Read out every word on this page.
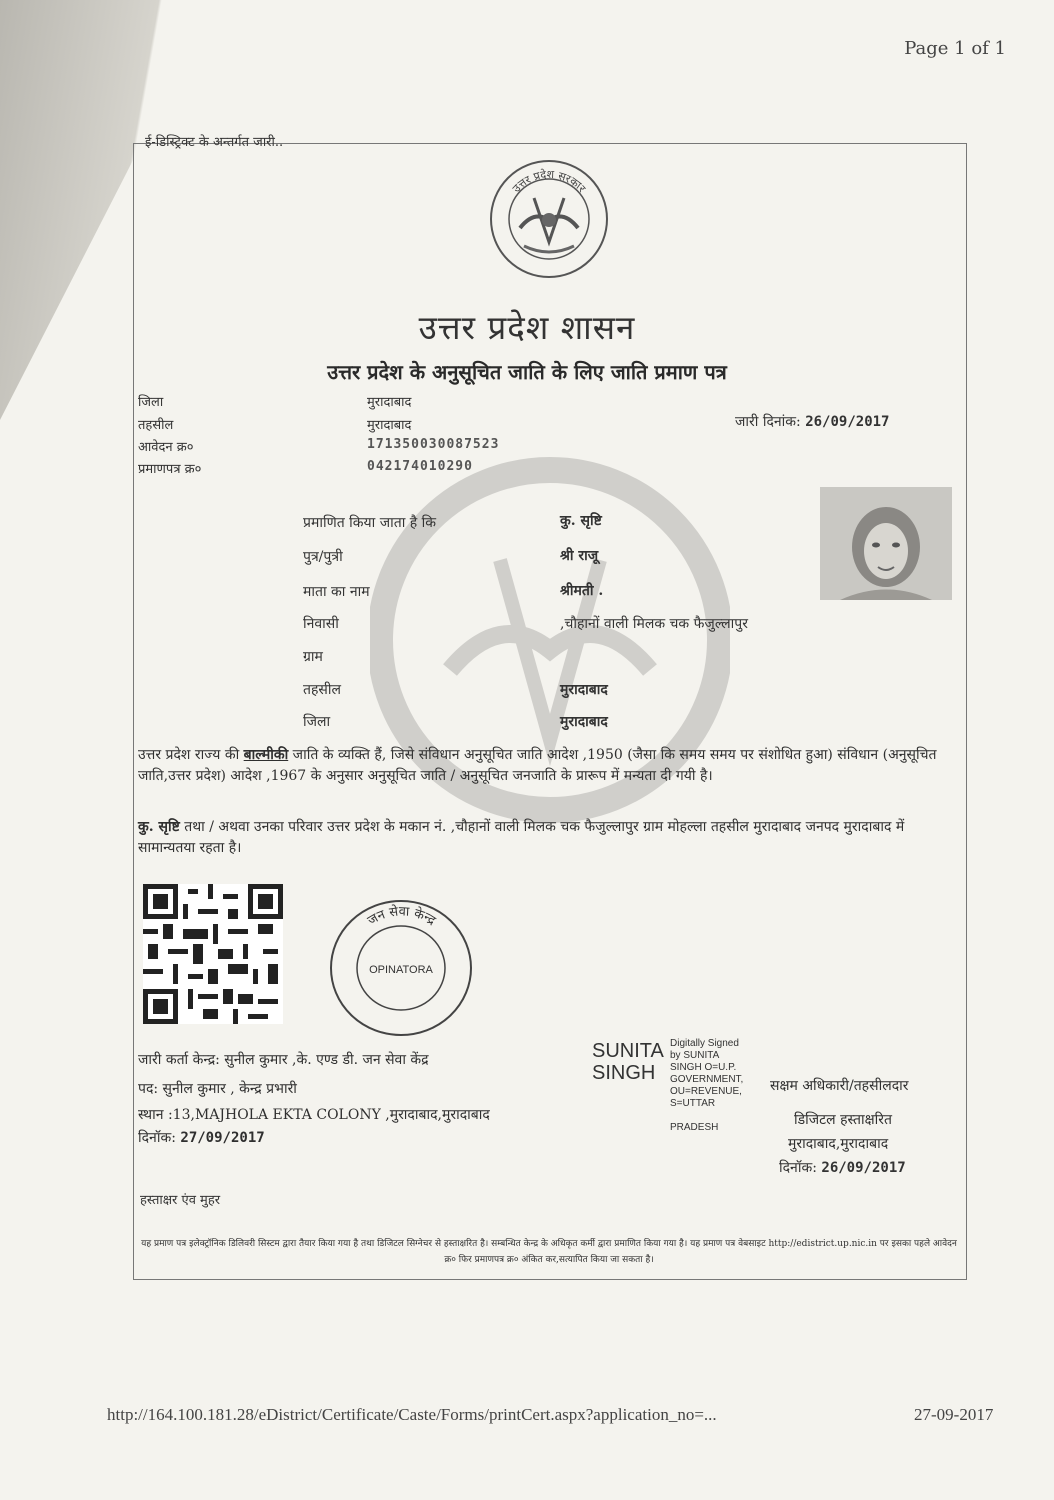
Page 1 of 1
ई-डिस्ट्रिक्ट के अन्तर्गत जारी..
उत्तर प्रदेश सरकार
उत्तर प्रदेश शासन
उत्तर प्रदेश के अनुसूचित जाति के लिए जाति प्रमाण पत्र
जिला	मुरादाबाद
तहसील	मुरादाबाद
आवेदन क्र०	171350030087523
प्रमाणपत्र क्र०	042174010290
जारी दिनांक: 26/09/2017
प्रमाणित किया जाता है कि	कु. सृष्टि
पुत्र/पुत्री	श्री राजू
माता का नाम	श्रीमती .
निवासी	,चौहानों वाली मिलक चक फैजुल्लापुर
ग्राम
तहसील	मुरादाबाद
जिला	मुरादाबाद
उत्तर प्रदेश राज्य की बाल्मीकी जाति के व्यक्ति हैं, जिसे संविधान अनुसूचित जाति आदेश ,1950 (जैसा कि समय समय पर संशोधित हुआ) संविधान (अनुसूचित जाति,उत्तर प्रदेश) आदेश ,1967 के अनुसार अनुसूचित जाति / अनुसूचित जनजाति के प्रारूप में मन्यता दी गयी है।
कु. सृष्टि तथा / अथवा उनका परिवार उत्तर प्रदेश के मकान नं. ,चौहानों वाली मिलक चक फैजुल्लापुर ग्राम मोहल्ला तहसील मुरादाबाद जनपद मुरादाबाद में सामान्यतया रहता है।
जन सेवा केन्द्र
OPINATORA
जारी कर्ता केन्द्र: सुनील कुमार ,के. एण्ड डी. जन सेवा केंद्र
पद: सुनील कुमार , केन्द्र प्रभारी
स्थान :13,MAJHOLA EKTA COLONY ,मुरादाबाद,मुरादाबाद
दिनॉक: 27/09/2017
SUNITA
SINGH
Digitally Signed
by SUNITA
SINGH O=U.P.
GOVERNMENT,
OU=REVENUE,
S=UTTAR
PRADESH
सक्षम अधिकारी/तहसीलदार
डिजिटल हस्ताक्षरित
मुरादाबाद,मुरादाबाद
दिनॉक: 26/09/2017
हस्ताक्षर एंव मुहर
यह प्रमाण पत्र इलेक्ट्रॉनिक डिलिवरी सिस्टम द्वारा तैयार किया गया है तथा डिजिटल सिग्नेचर से हस्ताक्षरित है। सम्बन्धित केन्द्र के अधिकृत कर्मी द्वारा प्रमाणित किया गया है। यह प्रमाण पत्र वेबसाइट http://edistrict.up.nic.in पर इसका पहले आवेदन क्र० फिर प्रमाणपत्र क्र० अंकित कर,सत्यापित किया जा सकता है।
http://164.100.181.28/eDistrict/Certificate/Caste/Forms/printCert.aspx?application_no=...	27-09-2017
